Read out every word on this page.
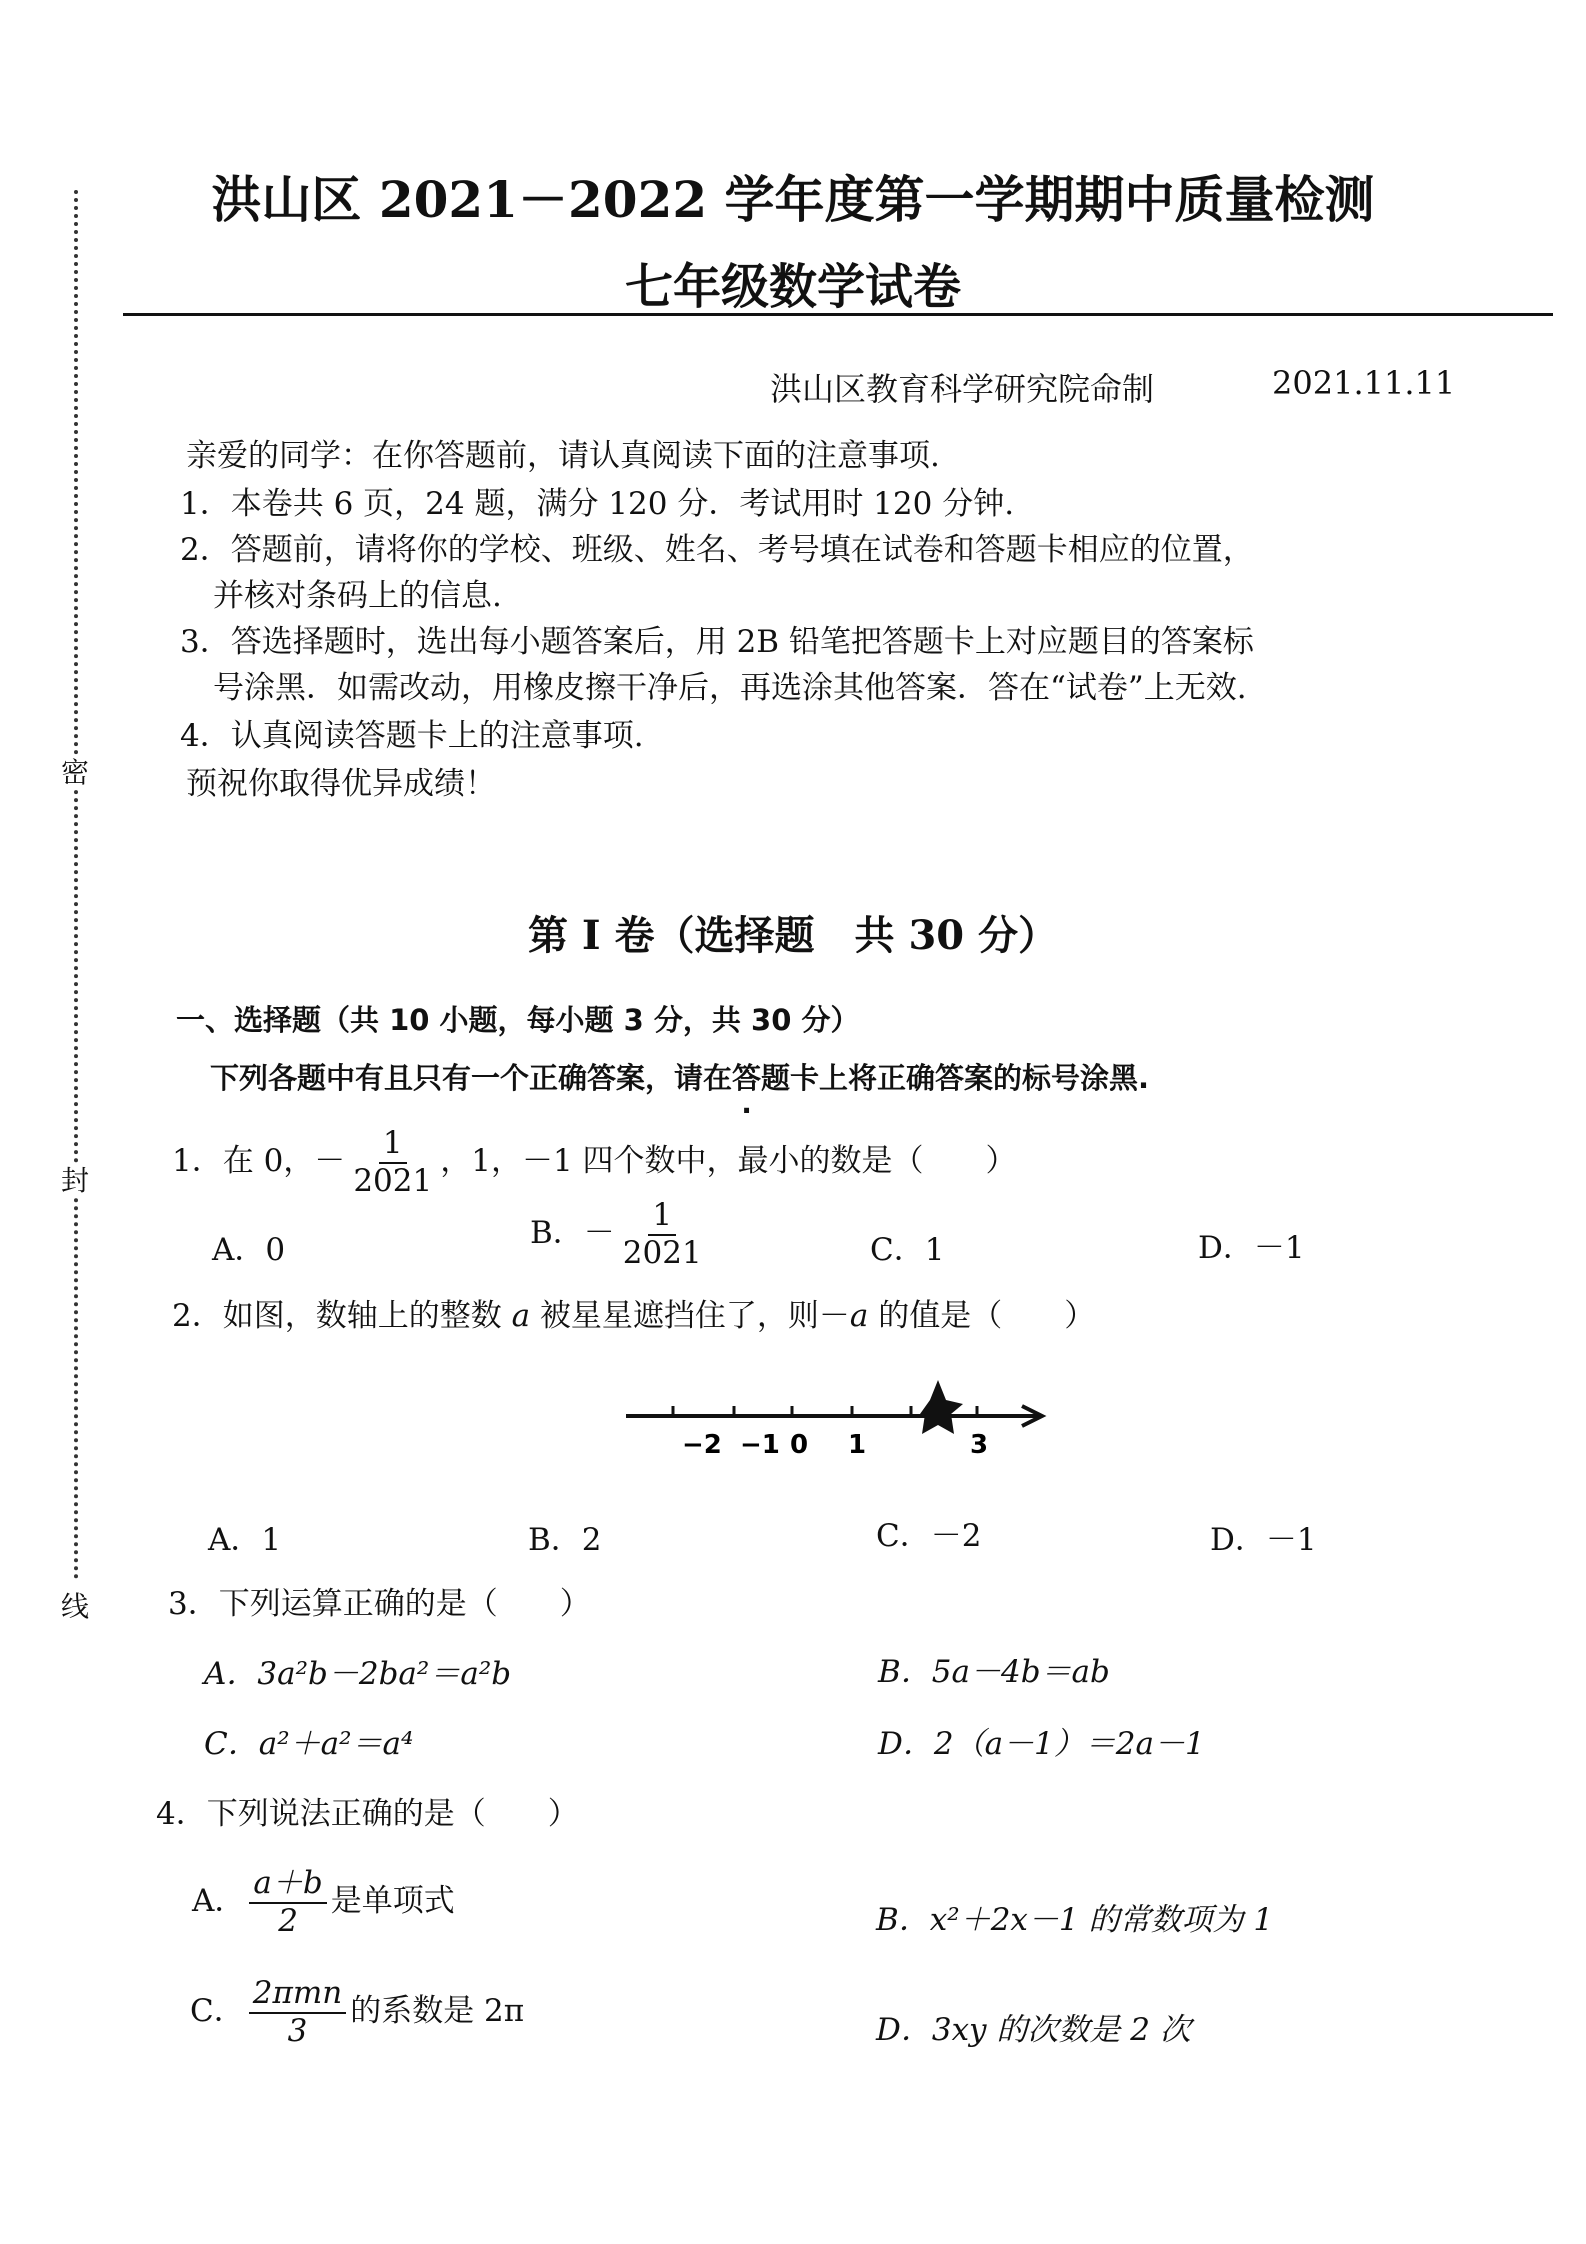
密
封
线
洪山区 2021－2022 学年度第一学期期中质量检测
七年级数学试卷
洪山区教育科学研究院命制	2021.11.11
亲爱的同学：在你答题前，请认真阅读下面的注意事项.
1．本卷共 6 页，24 题，满分 120 分．考试用时 120 分钟.
2．答题前，请将你的学校、班级、姓名、考号填在试卷和答题卡相应的位置，
并核对条码上的信息.
3．答选择题时，选出每小题答案后，用 2B 铅笔把答题卡上对应题目的答案标
号涂黑．如需改动，用橡皮擦干净后，再选涂其他答案．答在“试卷”上无效.
4．认真阅读答题卡上的注意事项.
预祝你取得优异成绩！
第 I 卷（选择题　共 30 分）
一、选择题（共 10 小题，每小题 3 分，共 30 分）
下列各题中有且只有一个正确答案，请在答题卡 ·上将正确答案的标号涂黑.
1．在 0，－ $\frac{1}{2021}$ ，1，－1 四个数中，最小的数是（　　）
A．0	B．－ $\frac{1}{2021}$	C．1	D．－1
2．如图，数轴上的整数 a 被星星遮挡住了，则－a 的值是（　　）
−2 −1 0 1	3
A．1	B．2	C．－2	D．－1
3．下列运算正确的是（　　）
A．3a²b－2ba²＝a²b	B．5a－4b＝ab
C．a²＋a²＝a⁴	D．2（a－1）＝2a－1
4．下列说法正确的是（　　）
A． $\frac{a+b}{2}$ 是单项式
B．x²＋2x－1 的常数项为 1
C． $\frac{\text{2πmn}}{3}$ 的系数是 2π
D．3xy 的次数是 2 次
